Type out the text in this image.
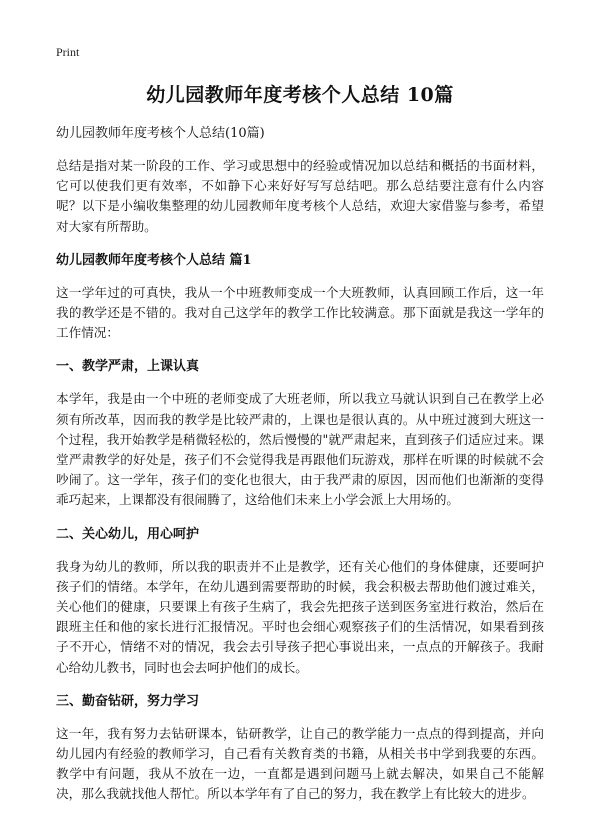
Print
幼儿园教师年度考核个人总结 10篇

幼儿园教师年度考核个人总结(10篇)

总结是指对某一阶段的工作、学习或思想中的经验或情况加以总结和概括的书面材料，它可以使我们更有效率，不如静下心来好好写写总结吧。那么总结要注意有什么内容呢？以下是小编收集整理的幼儿园教师年度考核个人总结，欢迎大家借鉴与参考，希望对大家有所帮助。

幼儿园教师年度考核个人总结 篇1

这一学年过的可真快，我从一个中班教师变成一个大班教师，认真回顾工作后，这一年我的教学还是不错的。我对自己这学年的教学工作比较满意。那下面就是我这一学年的工作情况：

一、教学严肃，上课认真

本学年，我是由一个中班的老师变成了大班老师，所以我立马就认识到自己在教学上必须有所改革，因而我的教学是比较严肃的，上课也是很认真的。从中班过渡到大班这一个过程，我开始教学是稍微轻松的，然后慢慢的"就严肃起来，直到孩子们适应过来。课堂严肃教学的好处是，孩子们不会觉得我是再跟他们玩游戏，那样在听课的时候就不会吵闹了。这一学年，孩子们的变化也很大，由于我严肃的原因，因而他们也渐渐的变得乖巧起来，上课都没有很闹腾了，这给他们未来上小学会派上大用场的。

二、关心幼儿，用心呵护

我身为幼儿的教师，所以我的职责并不止是教学，还有关心他们的身体健康，还要呵护孩子们的情绪。本学年，在幼儿遇到需要帮助的时候，我会积极去帮助他们渡过难关，关心他们的健康，只要课上有孩子生病了，我会先把孩子送到医务室进行救治，然后在跟班主任和他的家长进行汇报情况。平时也会细心观察孩子们的生活情况，如果看到孩子不开心，情绪不对的情况，我会去引导孩子把心事说出来，一点点的开解孩子。我耐心给幼儿教书，同时也会去呵护他们的成长。

三、勤奋钻研，努力学习

这一年，我有努力去钻研课本，钻研教学，让自己的教学能力一点点的得到提高，并向幼儿园内有经验的教师学习，自己看有关教育类的书籍，从相关书中学到我要的东西。教学中有问题，我从不放在一边，一直都是遇到问题马上就去解决，如果自己不能解决，那么我就找他人帮忙。所以本学年有了自己的努力，我在教学上有比较大的进步。
